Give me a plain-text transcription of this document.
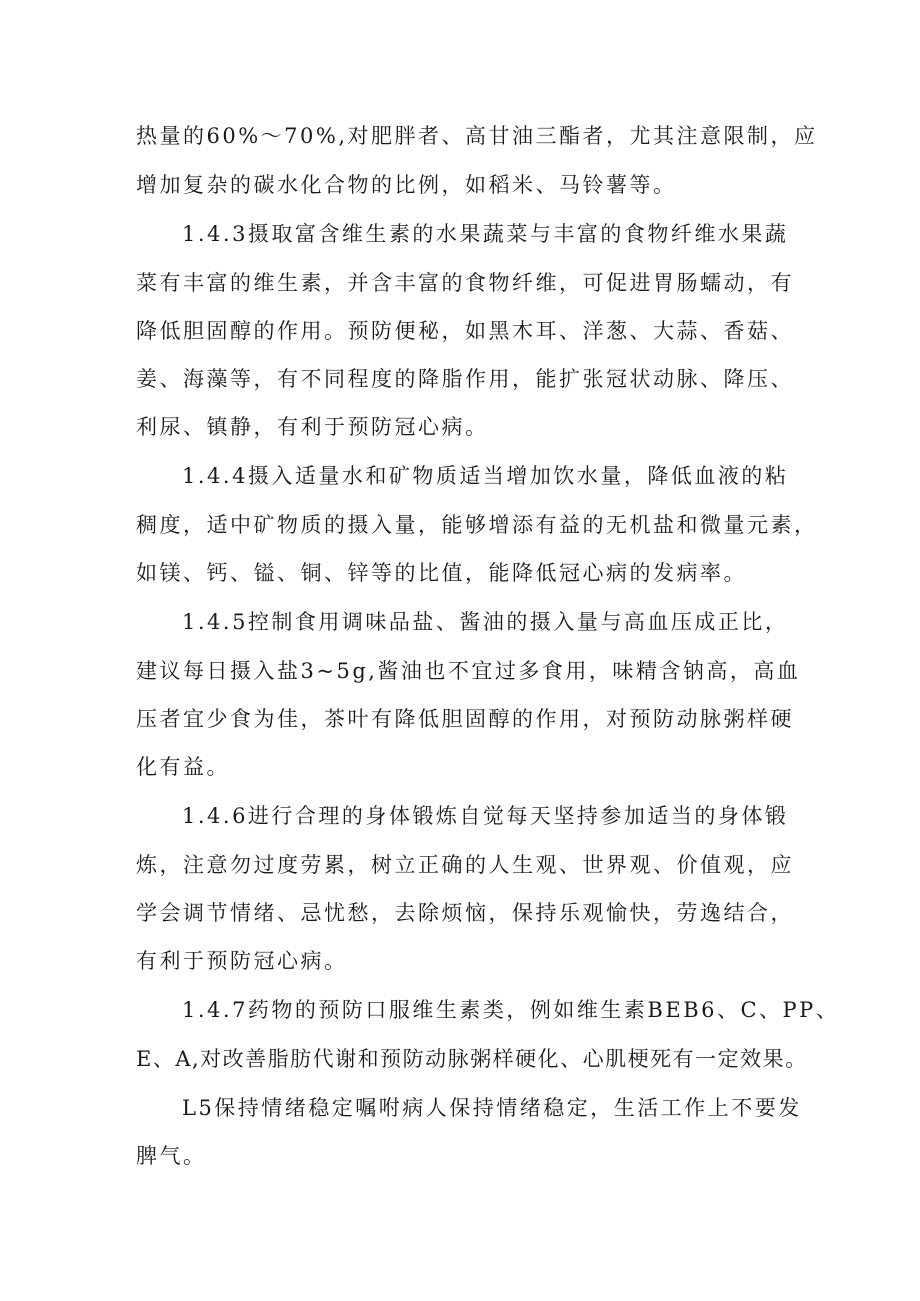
热量的60%～70%,对肥胖者、高甘油三酯者，尤其注意限制，应
增加复杂的碳水化合物的比例，如稻米、马铃薯等。
1.4.3摄取富含维生素的水果蔬菜与丰富的食物纤维水果蔬
菜有丰富的维生素，并含丰富的食物纤维，可促进胃肠蠕动，有
降低胆固醇的作用。预防便秘，如黑木耳、洋葱、大蒜、香菇、
姜、海藻等，有不同程度的降脂作用，能扩张冠状动脉、降压、
利尿、镇静，有利于预防冠心病。
1.4.4摄入适量水和矿物质适当增加饮水量，降低血液的粘
稠度，适中矿物质的摄入量，能够增添有益的无机盐和微量元素，
如镁、钙、镒、铜、锌等的比值，能降低冠心病的发病率。
1.4.5控制食用调味品盐、酱油的摄入量与高血压成正比，
建议每日摄入盐3~5g,酱油也不宜过多食用，味精含钠高，高血
压者宜少食为佳，茶叶有降低胆固醇的作用，对预防动脉粥样硬
化有益。
1.4.6进行合理的身体锻炼自觉每天坚持参加适当的身体锻
炼，注意勿过度劳累，树立正确的人生观、世界观、价值观，应
学会调节情绪、忌忧愁，去除烦恼，保持乐观愉快，劳逸结合，
有利于预防冠心病。
1.4.7药物的预防口服维生素类，例如维生素BEB6、C、PP、
E、A,对改善脂肪代谢和预防动脉粥样硬化、心肌梗死有一定效果。
L5保持情绪稳定嘱咐病人保持情绪稳定，生活工作上不要发
脾气。
